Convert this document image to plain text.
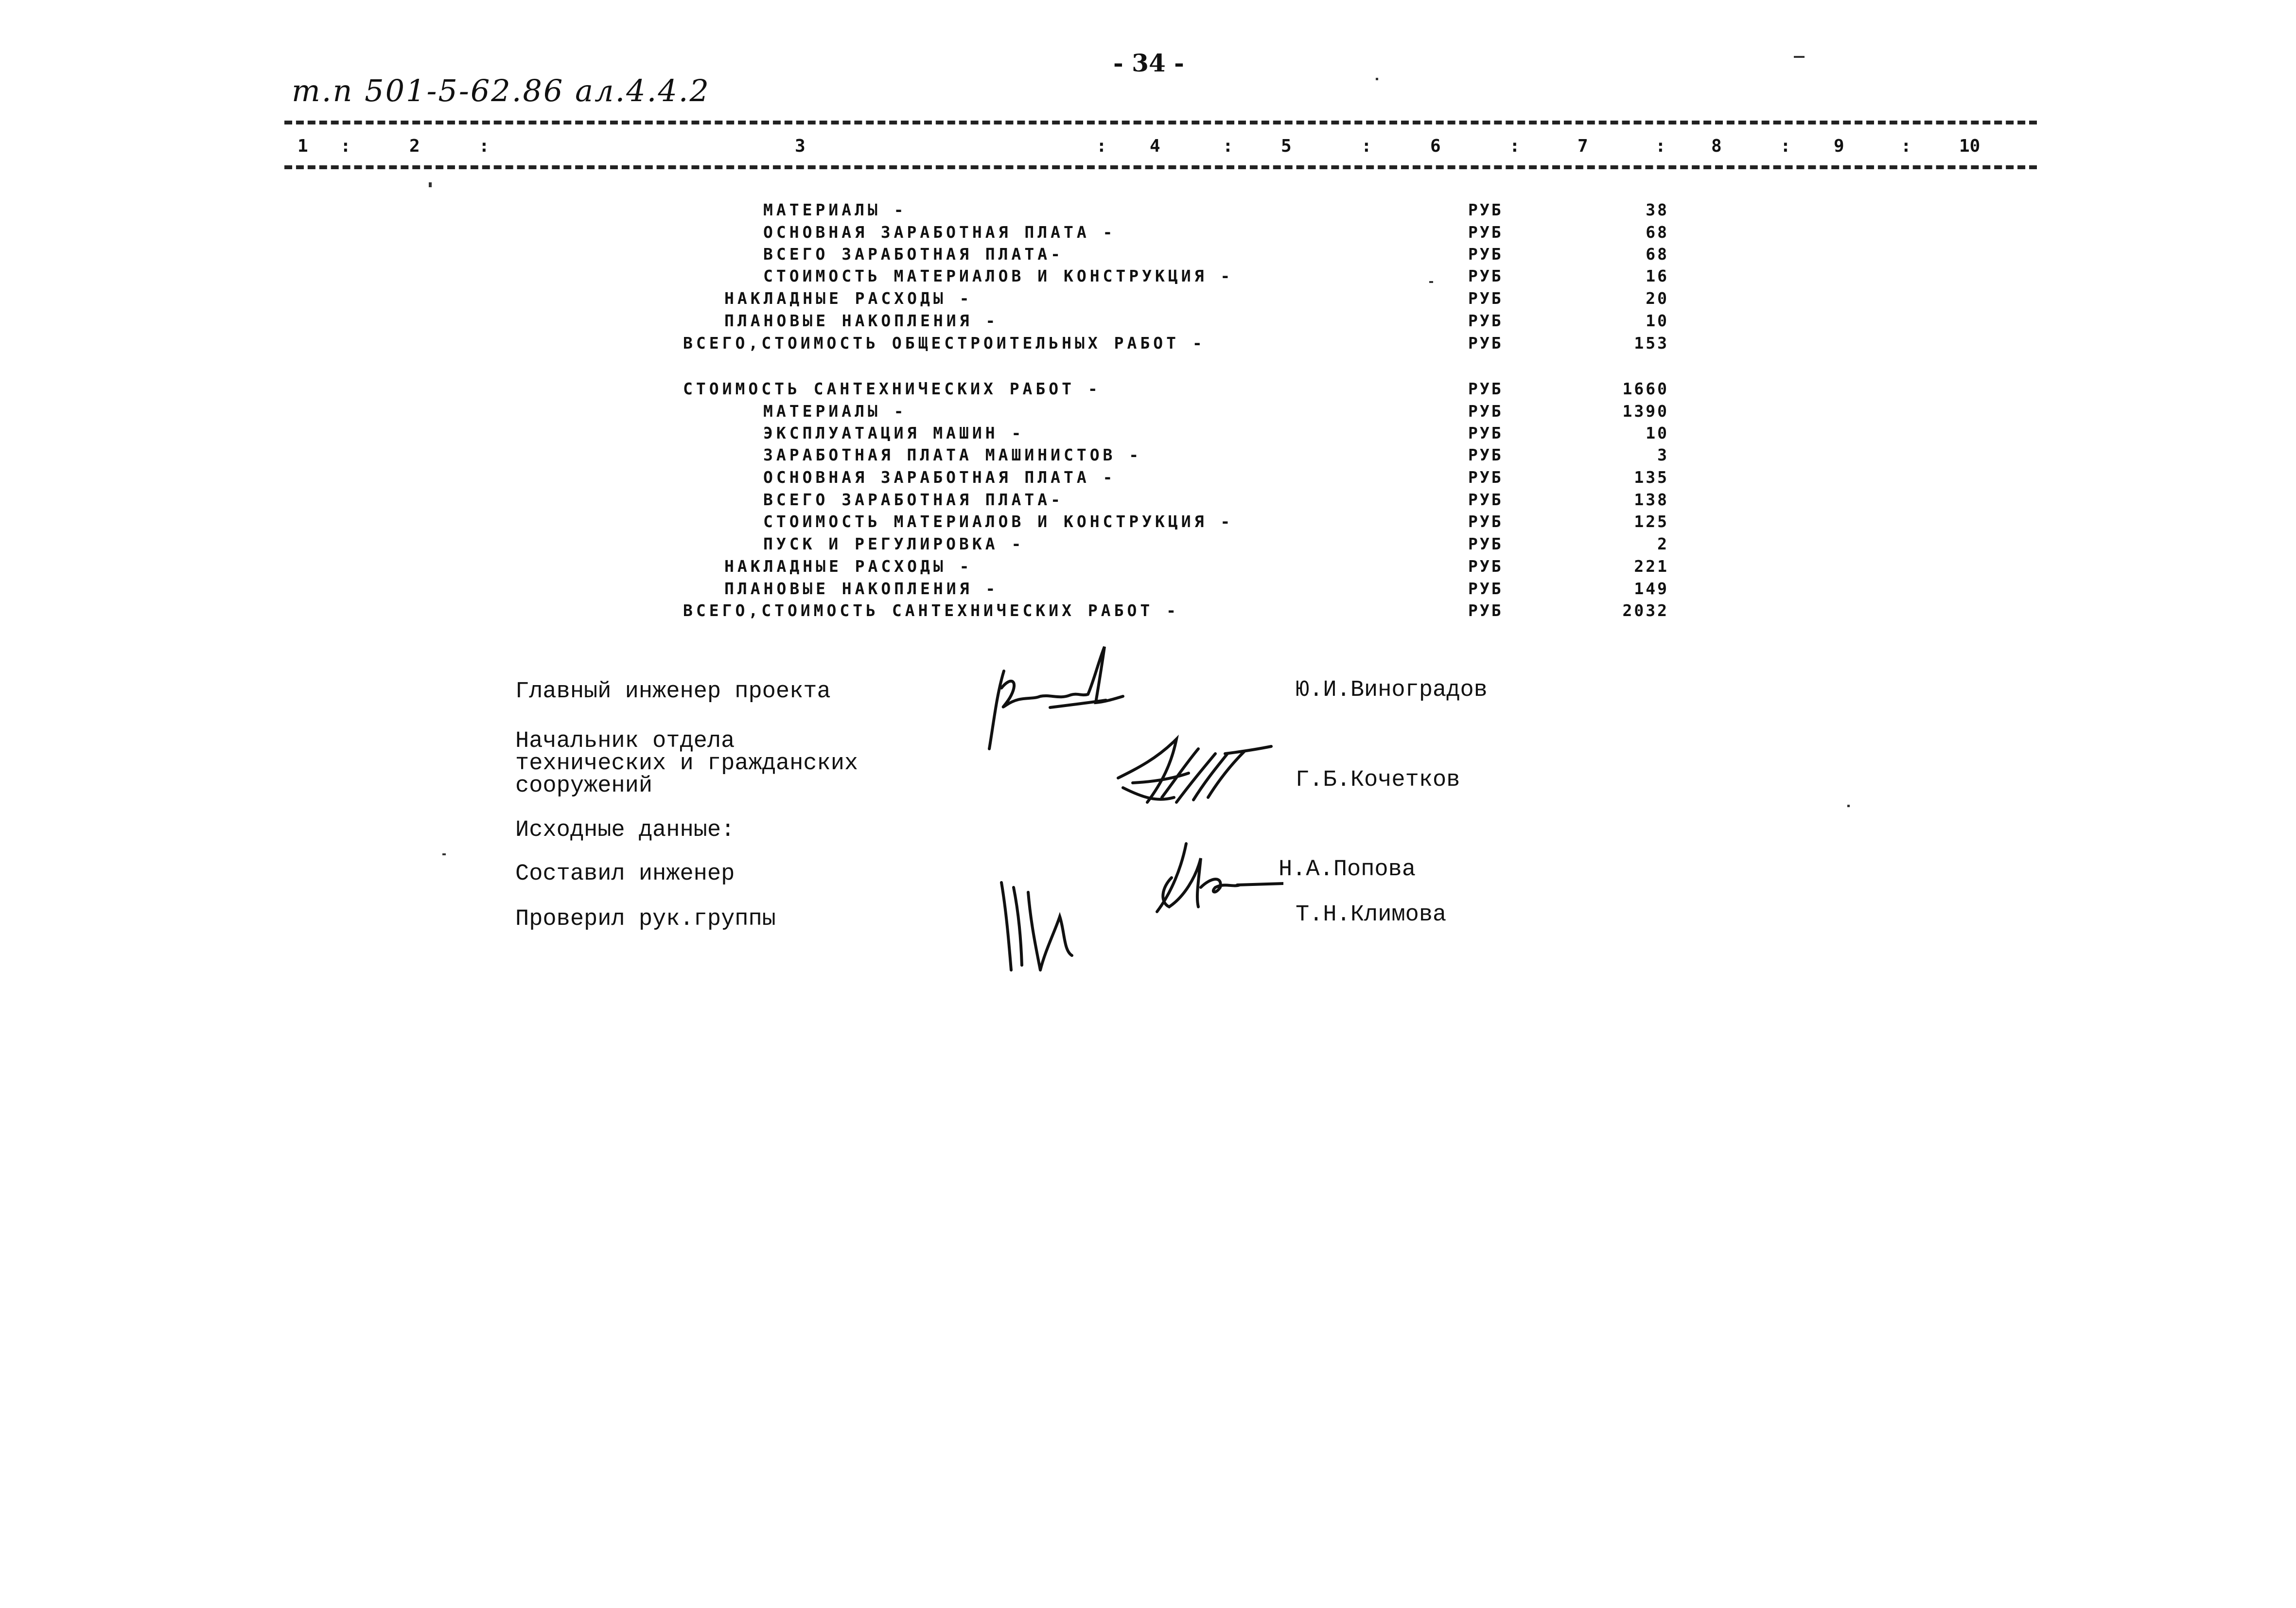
- 34 -
т.п 501-5-62.86 ал.4.4.2
1	2	3	4	5	6	7	8	9	10
:	:	:	:	:	:	:	:	:
МАТЕРИАЛЫ -	РУБ	38
ОСНОВНАЯ ЗАРАБОТНАЯ ПЛАТА -	РУБ	68
ВСЕГО ЗАРАБОТНАЯ ПЛАТА-	РУБ	68
СТОИМОСТЬ МАТЕРИАЛОВ И КОНСТРУКЦИЯ -	РУБ	16
НАКЛАДНЫЕ РАСХОДЫ -	РУБ	20
ПЛАНОВЫЕ НАКОПЛЕНИЯ -	РУБ	10
ВСЕГО,СТОИМОСТЬ ОБЩЕСТРОИТЕЛЬНЫХ РАБОТ -	РУБ	153
СТОИМОСТЬ САНТЕХНИЧЕСКИХ РАБОТ -	РУБ	1660
МАТЕРИАЛЫ -	РУБ	1390
ЭКСПЛУАТАЦИЯ МАШИН -	РУБ	10
ЗАРАБОТНАЯ ПЛАТА МАШИНИСТОВ -	РУБ	3
ОСНОВНАЯ ЗАРАБОТНАЯ ПЛАТА -	РУБ	135
ВСЕГО ЗАРАБОТНАЯ ПЛАТА-	РУБ	138
СТОИМОСТЬ МАТЕРИАЛОВ И КОНСТРУКЦИЯ -	РУБ	125
ПУСК И РЕГУЛИРОВКА -	РУБ	2
НАКЛАДНЫЕ РАСХОДЫ -	РУБ	221
ПЛАНОВЫЕ НАКОПЛЕНИЯ -	РУБ	149
ВСЕГО,СТОИМОСТЬ САНТЕХНИЧЕСКИХ РАБОТ -	РУБ	2032
Главный инженер проекта	Ю.И.Виноградов
Начальник отдела
технических и гражданских
сооружений	Г.Б.Кочетков
Исходные данные:
Составил инженер	Н.А.Попова
Проверил рук.группы	Т.Н.Климова
